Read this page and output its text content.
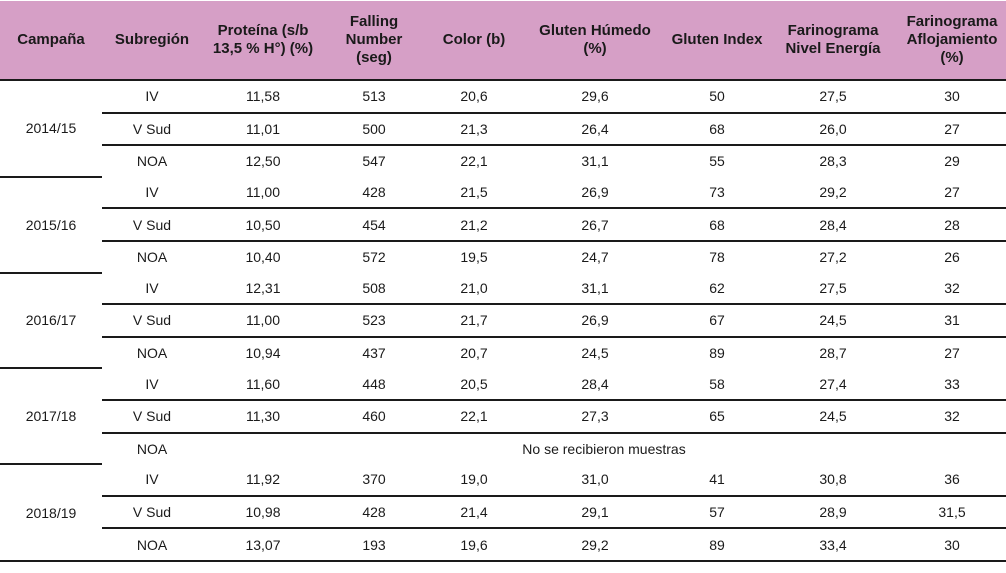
Campaña	Subregión	Proteína (s/b 13,5 % H°) (%)	Falling Number (seg)	Color (b)	Gluten Húmedo (%)	Gluten Index	Farinograma Nivel Energía	Farinograma Aflojamiento (%)
2014/15	IV	11,58	513	20,6	29,6	50	27,5	30
	V Sud	11,01	500	21,3	26,4	68	26,0	27
	NOA	12,50	547	22,1	31,1	55	28,3	29
2015/16	IV	11,00	428	21,5	26,9	73	29,2	27
	V Sud	10,50	454	21,2	26,7	68	28,4	28
	NOA	10,40	572	19,5	24,7	78	27,2	26
2016/17	IV	12,31	508	21,0	31,1	62	27,5	32
	V Sud	11,00	523	21,7	26,9	67	24,5	31
	NOA	10,94	437	20,7	24,5	89	28,7	27
2017/18	IV	11,60	448	20,5	28,4	58	27,4	33
	V Sud	11,30	460	22,1	27,3	65	24,5	32
	NOA	No se recibieron muestras						
2018/19	IV	11,92	370	19,0	31,0	41	30,8	36
	V Sud	10,98	428	21,4	29,1	57	28,9	31,5
	NOA	13,07	193	19,6	29,2	89	33,4	30
